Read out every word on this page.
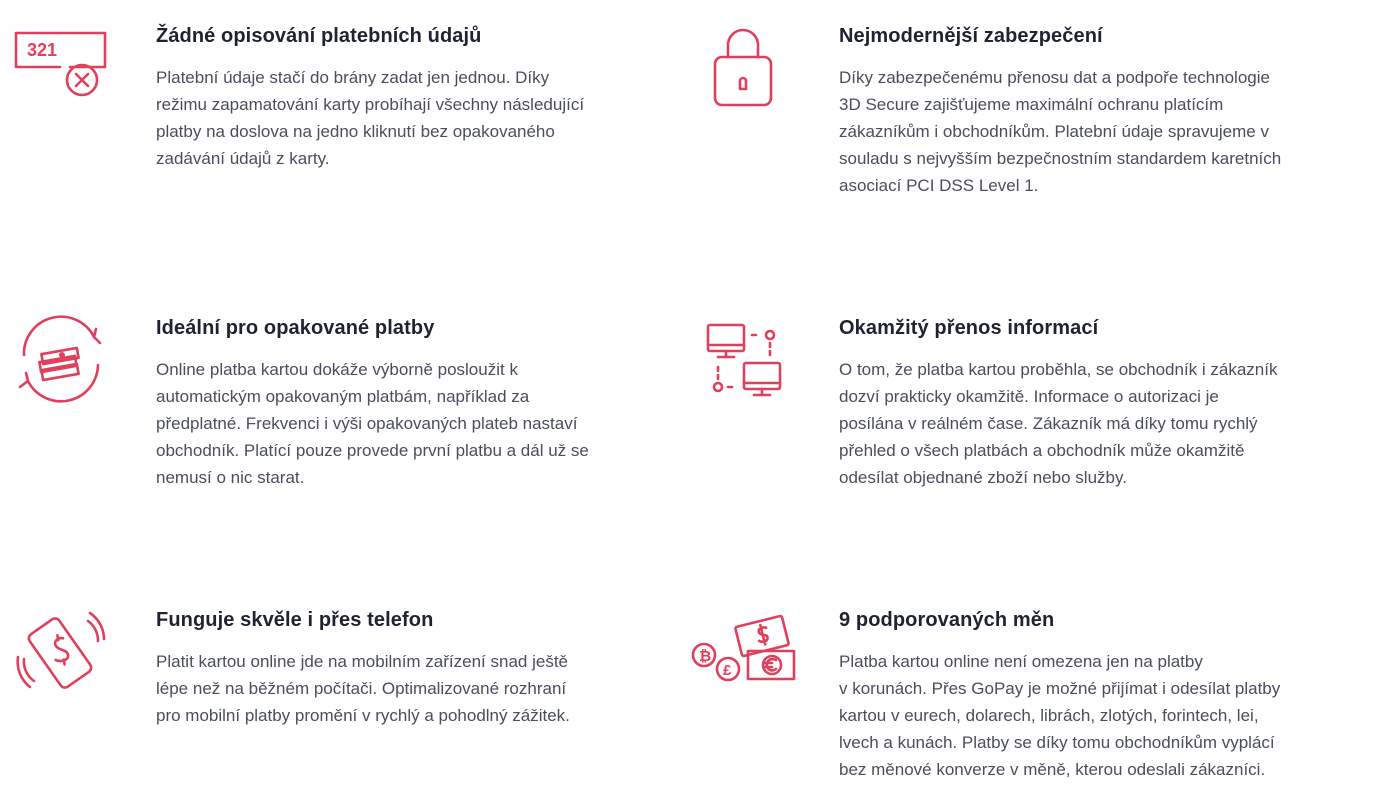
321
Žádné opisování platebních údajů

Platební údaje stačí do brány zadat jen jednou. Díky
režimu zapamatování karty probíhají všechny následující
platby na doslova na jedno kliknutí bez opakovaného
zadávání údajů z karty.

Nejmodernější zabezpečení

Díky zabezpečenému přenosu dat a podpoře technologie
3D Secure zajišťujeme maximální ochranu platícím
zákazníkům i obchodníkům. Platební údaje spravujeme v
souladu s nejvyšším bezpečnostním standardem karetních
asociací PCI DSS Level 1.

Ideální pro opakované platby

Online platba kartou dokáže výborně posloužit k
automatickým opakovaným platbám, například za
předplatné. Frekvenci i výši opakovaných plateb nastaví
obchodník. Platící pouze provede první platbu a dál už se
nemusí o nic starat.

Okamžitý přenos informací

O tom, že platba kartou proběhla, se obchodník i zákazník
dozví prakticky okamžitě. Informace o autorizaci je
posílána v reálném čase. Zákazník má díky tomu rychlý
přehled o všech platbách a obchodník může okamžitě
odesílat objednané zboží nebo služby.

Funguje skvěle i přes telefon

Platit kartou online jde na mobilním zařízení snad ještě
lépe než na běžném počítači. Optimalizované rozhraní
pro mobilní platby promění v rychlý a pohodlný zážitek.

₿
£
9 podporovaných měn

Platba kartou online není omezena jen na platby
v korunách. Přes GoPay je možné přijímat i odesílat platby
kartou v eurech, dolarech, librách, zlotých, forintech, lei,
lvech a kunách. Platby se díky tomu obchodníkům vyplácí
bez měnové konverze v měně, kterou odeslali zákazníci.
